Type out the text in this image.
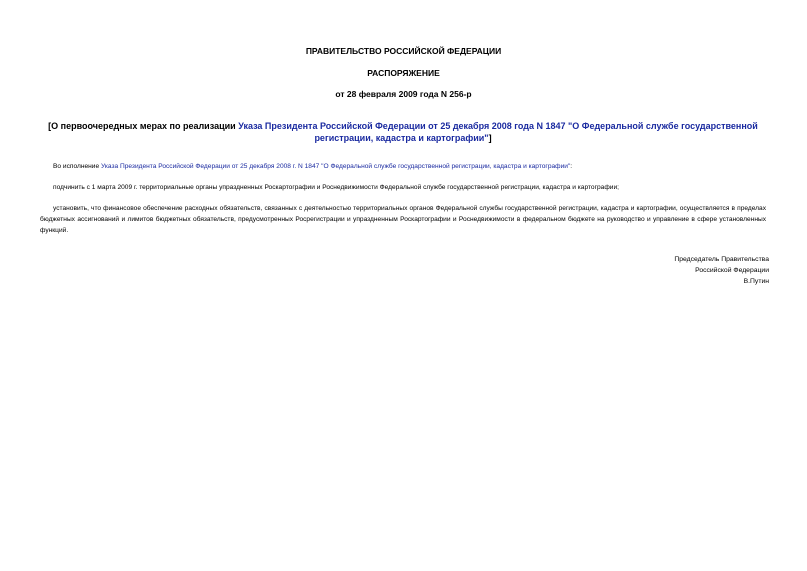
ПРАВИТЕЛЬСТВО РОССИЙСКОЙ ФЕДЕРАЦИИ
РАСПОРЯЖЕНИЕ
от 28 февраля 2009 года N 256-р
[О первоочередных мерах по реализации Указа Президента Российской Федерации от 25 декабря 2008 года N 1847 "О Федеральной службе государственной регистрации, кадастра и картографии"]
Во исполнение Указа Президента Российской Федерации от 25 декабря 2008 г. N 1847 "О Федеральной службе государственной регистрации, кадастра и картографии":
подчинить с 1 марта 2009 г. территориальные органы упраздненных Роскартографии и Роснедвижимости Федеральной службе государственной регистрации, кадастра и картографии;
установить, что финансовое обеспечение расходных обязательств, связанных с деятельностью территориальных органов Федеральной службы государственной регистрации, кадастра и картографии, осуществляется в пределах бюджетных ассигнований и лимитов бюджетных обязательств, предусмотренных Росрегистрации и упраздненным Роскартографии и Роснедвижимости в федеральном бюджете на руководство и управление в сфере установленных функций.
Председатель Правительства
Российской Федерации
В.Путин
